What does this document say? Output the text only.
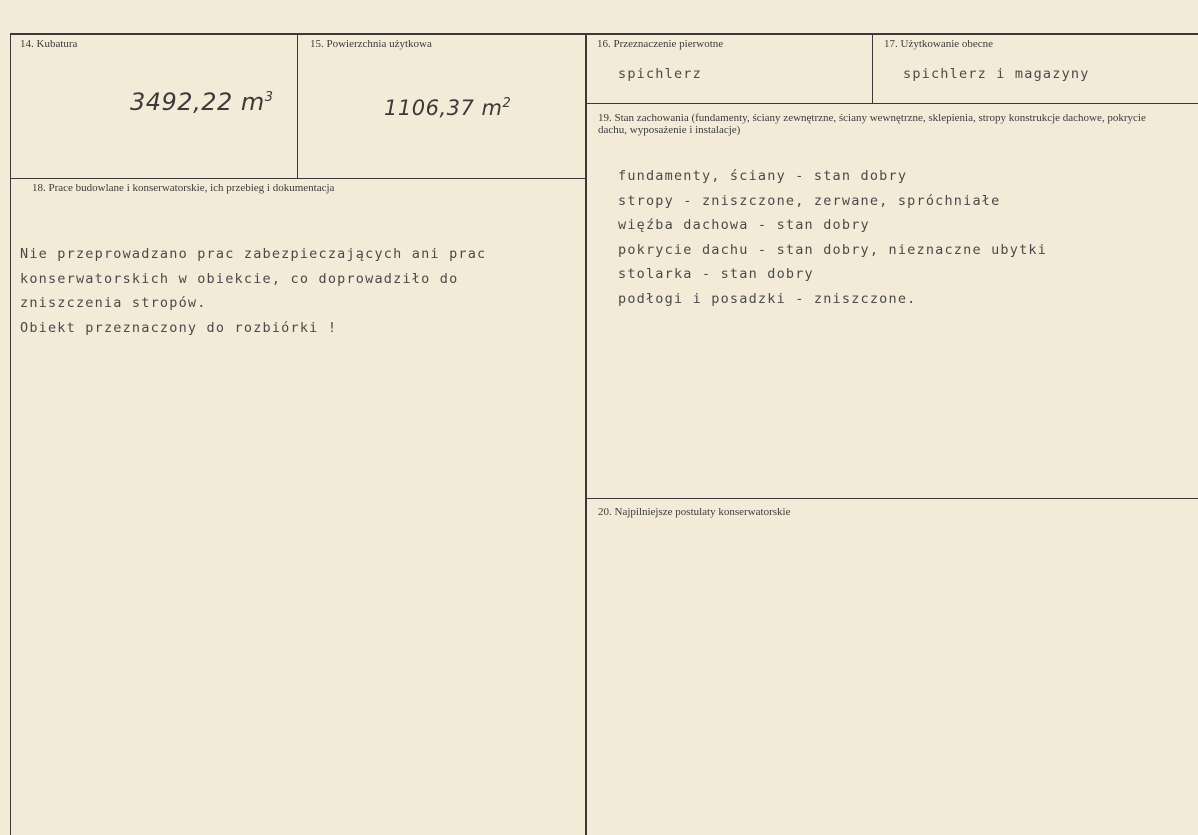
14. Kubatura
3492,22 $m^3$
15. Powierzchnia użytkowa
1106,37 $m^2$
16. Przeznaczenie pierwotne
spichlerz
17. Użytkowanie obecne
spichlerz i magazyny
18. Prace budowlane i konserwatorskie, ich przebieg i dokumentacja
Nie przeprowadzano prac zabezpieczających ani prac
konserwatorskich w obiekcie, co doprowadziło do
zniszczenia stropów.
Obiekt przeznaczony do rozbiórki !
19. Stan zachowania (fundamenty, ściany zewnętrzne, ściany wewnętrzne, sklepienia, stropy konstrukcje dachowe, pokrycie dachu, wyposażenie i instalacje)
fundamenty, ściany - stan dobry
stropy - zniszczone, zerwane, spróchniałe
więźba dachowa - stan dobry
pokrycie dachu - stan dobry, nieznaczne ubytki
stolarka - stan dobry
podłogi i posadzki - zniszczone.
20. Najpilniejsze postulaty konserwatorskie
